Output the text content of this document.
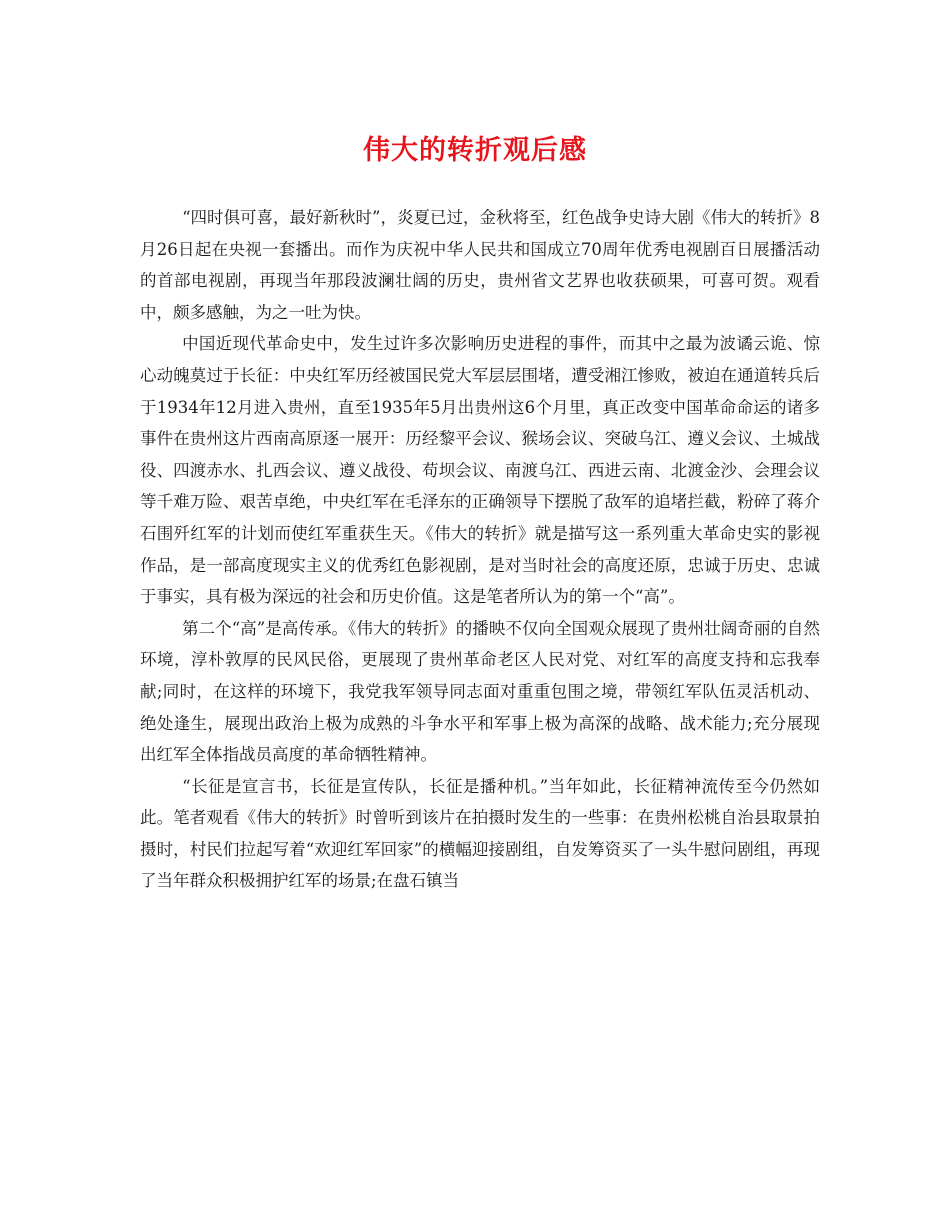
伟大的转折观后感

“四时俱可喜，最好新秋时”，炎夏已过，金秋将至，红色战争史诗大剧《伟大的转折》8月26日起在央视一套播出。而作为庆祝中华人民共和国成立70周年优秀电视剧百日展播活动的首部电视剧，再现当年那段波澜壮阔的历史，贵州省文艺界也收获硕果，可喜可贺。观看中，颇多感触，为之一吐为快。

中国近现代革命史中，发生过许多次影响历史进程的事件，而其中之最为波谲云诡、惊心动魄莫过于长征：中央红军历经被国民党大军层层围堵，遭受湘江惨败，被迫在通道转兵后于1934年12月进入贵州，直至1935年5月出贵州这6个月里，真正改变中国革命命运的诸多事件在贵州这片西南高原逐一展开：历经黎平会议、猴场会议、突破乌江、遵义会议、土城战役、四渡赤水、扎西会议、遵义战役、苟坝会议、南渡乌江、西进云南、北渡金沙、会理会议等千难万险、艰苦卓绝，中央红军在毛泽东的正确领导下摆脱了敌军的追堵拦截，粉碎了蒋介石围歼红军的计划而使红军重获生天。《伟大的转折》就是描写这一系列重大革命史实的影视作品，是一部高度现实主义的优秀红色影视剧，是对当时社会的高度还原，忠诚于历史、忠诚于事实，具有极为深远的社会和历史价值。这是笔者所认为的第一个“高”。

第二个“高”是高传承。《伟大的转折》的播映不仅向全国观众展现了贵州壮阔奇丽的自然环境，淳朴敦厚的民风民俗，更展现了贵州革命老区人民对党、对红军的高度支持和忘我奉献;同时，在这样的环境下，我党我军领导同志面对重重包围之境，带领红军队伍灵活机动、绝处逢生，展现出政治上极为成熟的斗争水平和军事上极为高深的战略、战术能力;充分展现出红军全体指战员高度的革命牺牲精神。

“长征是宣言书，长征是宣传队，长征是播种机。”当年如此，长征精神流传至今仍然如此。笔者观看《伟大的转折》时曾听到该片在拍摄时发生的一些事：在贵州松桃自治县取景拍摄时，村民们拉起写着“欢迎红军回家”的横幅迎接剧组，自发筹资买了一头牛慰问剧组，再现了当年群众积极拥护红军的场景;在盘石镇当
